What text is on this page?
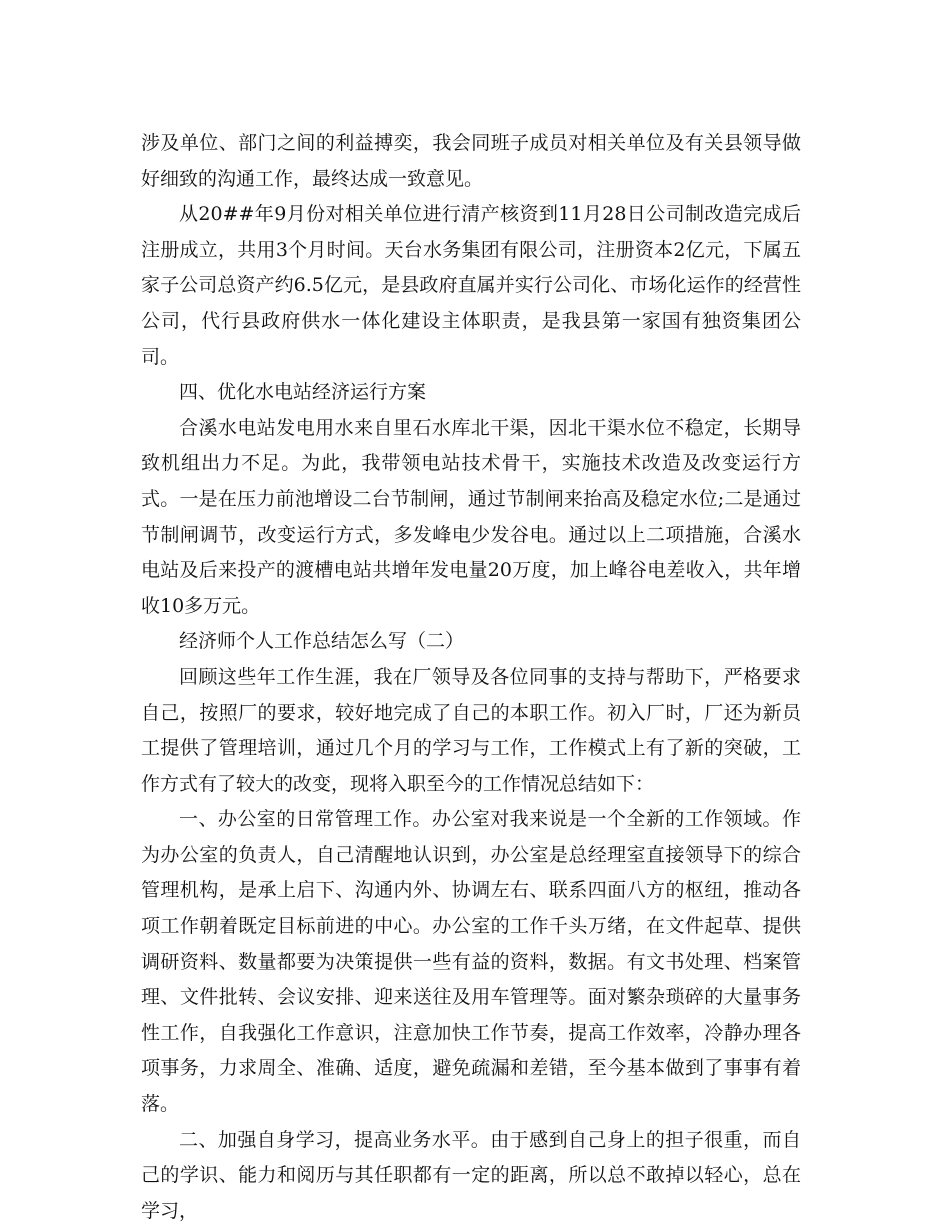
涉及单位、部门之间的利益搏奕，我会同班子成员对相关单位及有关县领导做好细致的沟通工作，最终达成一致意见。

从20##年9月份对相关单位进行清产核资到11月28日公司制改造完成后注册成立，共用3个月时间。天台水务集团有限公司，注册资本2亿元，下属五家子公司总资产约6.5亿元，是县政府直属并实行公司化、市场化运作的经营性公司，代行县政府供水一体化建设主体职责，是我县第一家国有独资集团公司。

四、优化水电站经济运行方案

合溪水电站发电用水来自里石水库北干渠，因北干渠水位不稳定，长期导致机组出力不足。为此，我带领电站技术骨干，实施技术改造及改变运行方式。一是在压力前池增设二台节制闸，通过节制闸来抬高及稳定水位;二是通过节制闸调节，改变运行方式，多发峰电少发谷电。通过以上二项措施，合溪水电站及后来投产的渡槽电站共增年发电量20万度，加上峰谷电差收入，共年增收10多万元。

经济师个人工作总结怎么写（二）

回顾这些年工作生涯，我在厂领导及各位同事的支持与帮助下，严格要求自己，按照厂的要求，较好地完成了自己的本职工作。初入厂时，厂还为新员工提供了管理培训，通过几个月的学习与工作，工作模式上有了新的突破，工作方式有了较大的改变，现将入职至今的工作情况总结如下：

一、办公室的日常管理工作。办公室对我来说是一个全新的工作领域。作为办公室的负责人，自己清醒地认识到，办公室是总经理室直接领导下的综合管理机构，是承上启下、沟通内外、协调左右、联系四面八方的枢纽，推动各项工作朝着既定目标前进的中心。办公室的工作千头万绪，在文件起草、提供调研资料、数量都要为决策提供一些有益的资料，数据。有文书处理、档案管理、文件批转、会议安排、迎来送往及用车管理等。面对繁杂琐碎的大量事务性工作，自我强化工作意识，注意加快工作节奏，提高工作效率，冷静办理各项事务，力求周全、准确、适度，避免疏漏和差错，至今基本做到了事事有着落。

二、加强自身学习，提高业务水平。由于感到自己身上的担子很重，而自己的学识、能力和阅历与其任职都有一定的距离，所以总不敢掉以轻心，总在学习，
